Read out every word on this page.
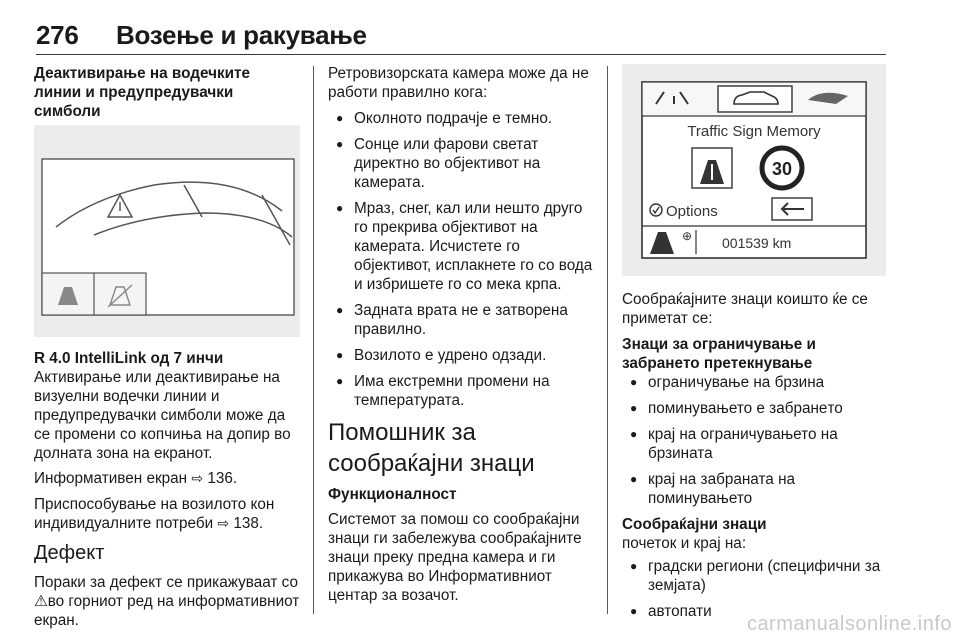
276 Возење и ракување
Деактивирање на водечките линии и предупредувачки симболи

R 4.0 IntelliLink од 7 инчи
Активирање или деактивирање на визуелни водечки линии и предупредувачки симболи може да се промени со копчиња на допир во долната зона на екранот.

Информативен екран ⇨ 136.

Приспособување на возилото кон индивидуалните потреби ⇨ 138.

Дефект

Пораки за дефект се прикажуваат со ⚠во горниот ред на информативниот екран.

Ретровизорската камера може да не работи правилно кога:

● Околното подрачје е темно.
● Сонце или фарови светат директно во објективот на камерата.
● Мраз, снег, кал или нешто друго го прекрива објективот на камерата. Исчистете го објективот, исплакнете го со вода и избришете го со мека крпа.
● Задната врата не е затворена правилно.
● Возилото е удрено одзади.
● Има екстремни промени на температурата.
Помошник за сообраќајни знаци
Функционалност

Системот за помош со сообраќајни знаци ги забележува сообраќајните знаци преку предна камера и ги прикажува во Информативниот центар за возачот.

Traffic Sign Memory
30
Options
⊕ 001539 km

Сообраќајните знаци коишто ќе се приметат се:

Знаци за ограничување и забранeто претекнување
● ограничување на брзина
● поминувањето е забранeто
● крај на ограничувањето на брзината
● крај на забраната на поминувањето
Сообраќајни знаци

почеток и крај на:

● градски региони (специфични за земјата)
● автопати
carmanualsonline.info
